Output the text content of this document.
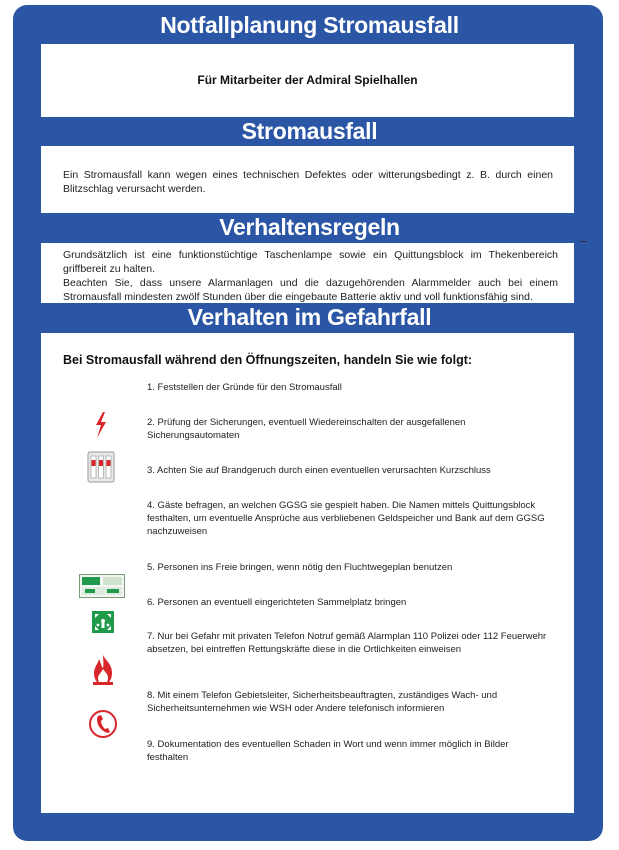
Notfallplanung Stromausfall
Für Mitarbeiter der Admiral Spielhallen
Stromausfall
Ein Stromausfall kann wegen eines technischen Defektes oder witterungsbedingt z. B. durch einen Blitzschlag verursacht werden.
Verhaltensregeln
Grundsätzlich ist eine funktionstüchtige Taschenlampe sowie ein Quittungsblock im Thekenbereich griffbereit zu halten.
Beachten Sie, dass unsere Alarmanlagen und die dazugehörenden Alarmmelder auch bei einem Stromausfall mindesten zwölf Stunden über die eingebaute Batterie aktiv und voll funktionsfähig sind.
Verhalten im Gefahrfall
Bei Stromausfall während den Öffnungszeiten, handeln Sie wie folgt:
1. Feststellen der Gründe für den Stromausfall
2. Prüfung der Sicherungen, eventuell Wiedereinschalten der ausgefallenen Sicherungsautomaten
3. Achten Sie auf Brandgeruch durch einen eventuellen verursachten Kurzschluss
4. Gäste befragen, an welchen GGSG sie gespielt haben. Die Namen mittels Quittungsblock festhalten, um eventuelle Ansprüche aus verbliebenen Geldspeicher und Bank auf dem GGSG nachzuweisen
5. Personen ins Freie bringen, wenn nötig den Fluchtwegeplan benutzen
6. Personen an eventuell eingerichteten Sammelplatz bringen
7. Nur bei Gefahr mit privaten Telefon Notruf gemäß Alarmplan 110 Polizei oder 112 Feuerwehr absetzen, bei eintreffen Rettungskräfte diese in die Ortlichkeiten einweisen
8. Mit einem Telefon Gebietsleiter, Sicherheitsbeauftragten, zuständiges Wach- und Sicherheitsunternehmen wie WSH oder Andere telefonisch informieren
9. Dokumentation des eventuellen Schaden in Wort und wenn immer möglich in Bilder festhalten
